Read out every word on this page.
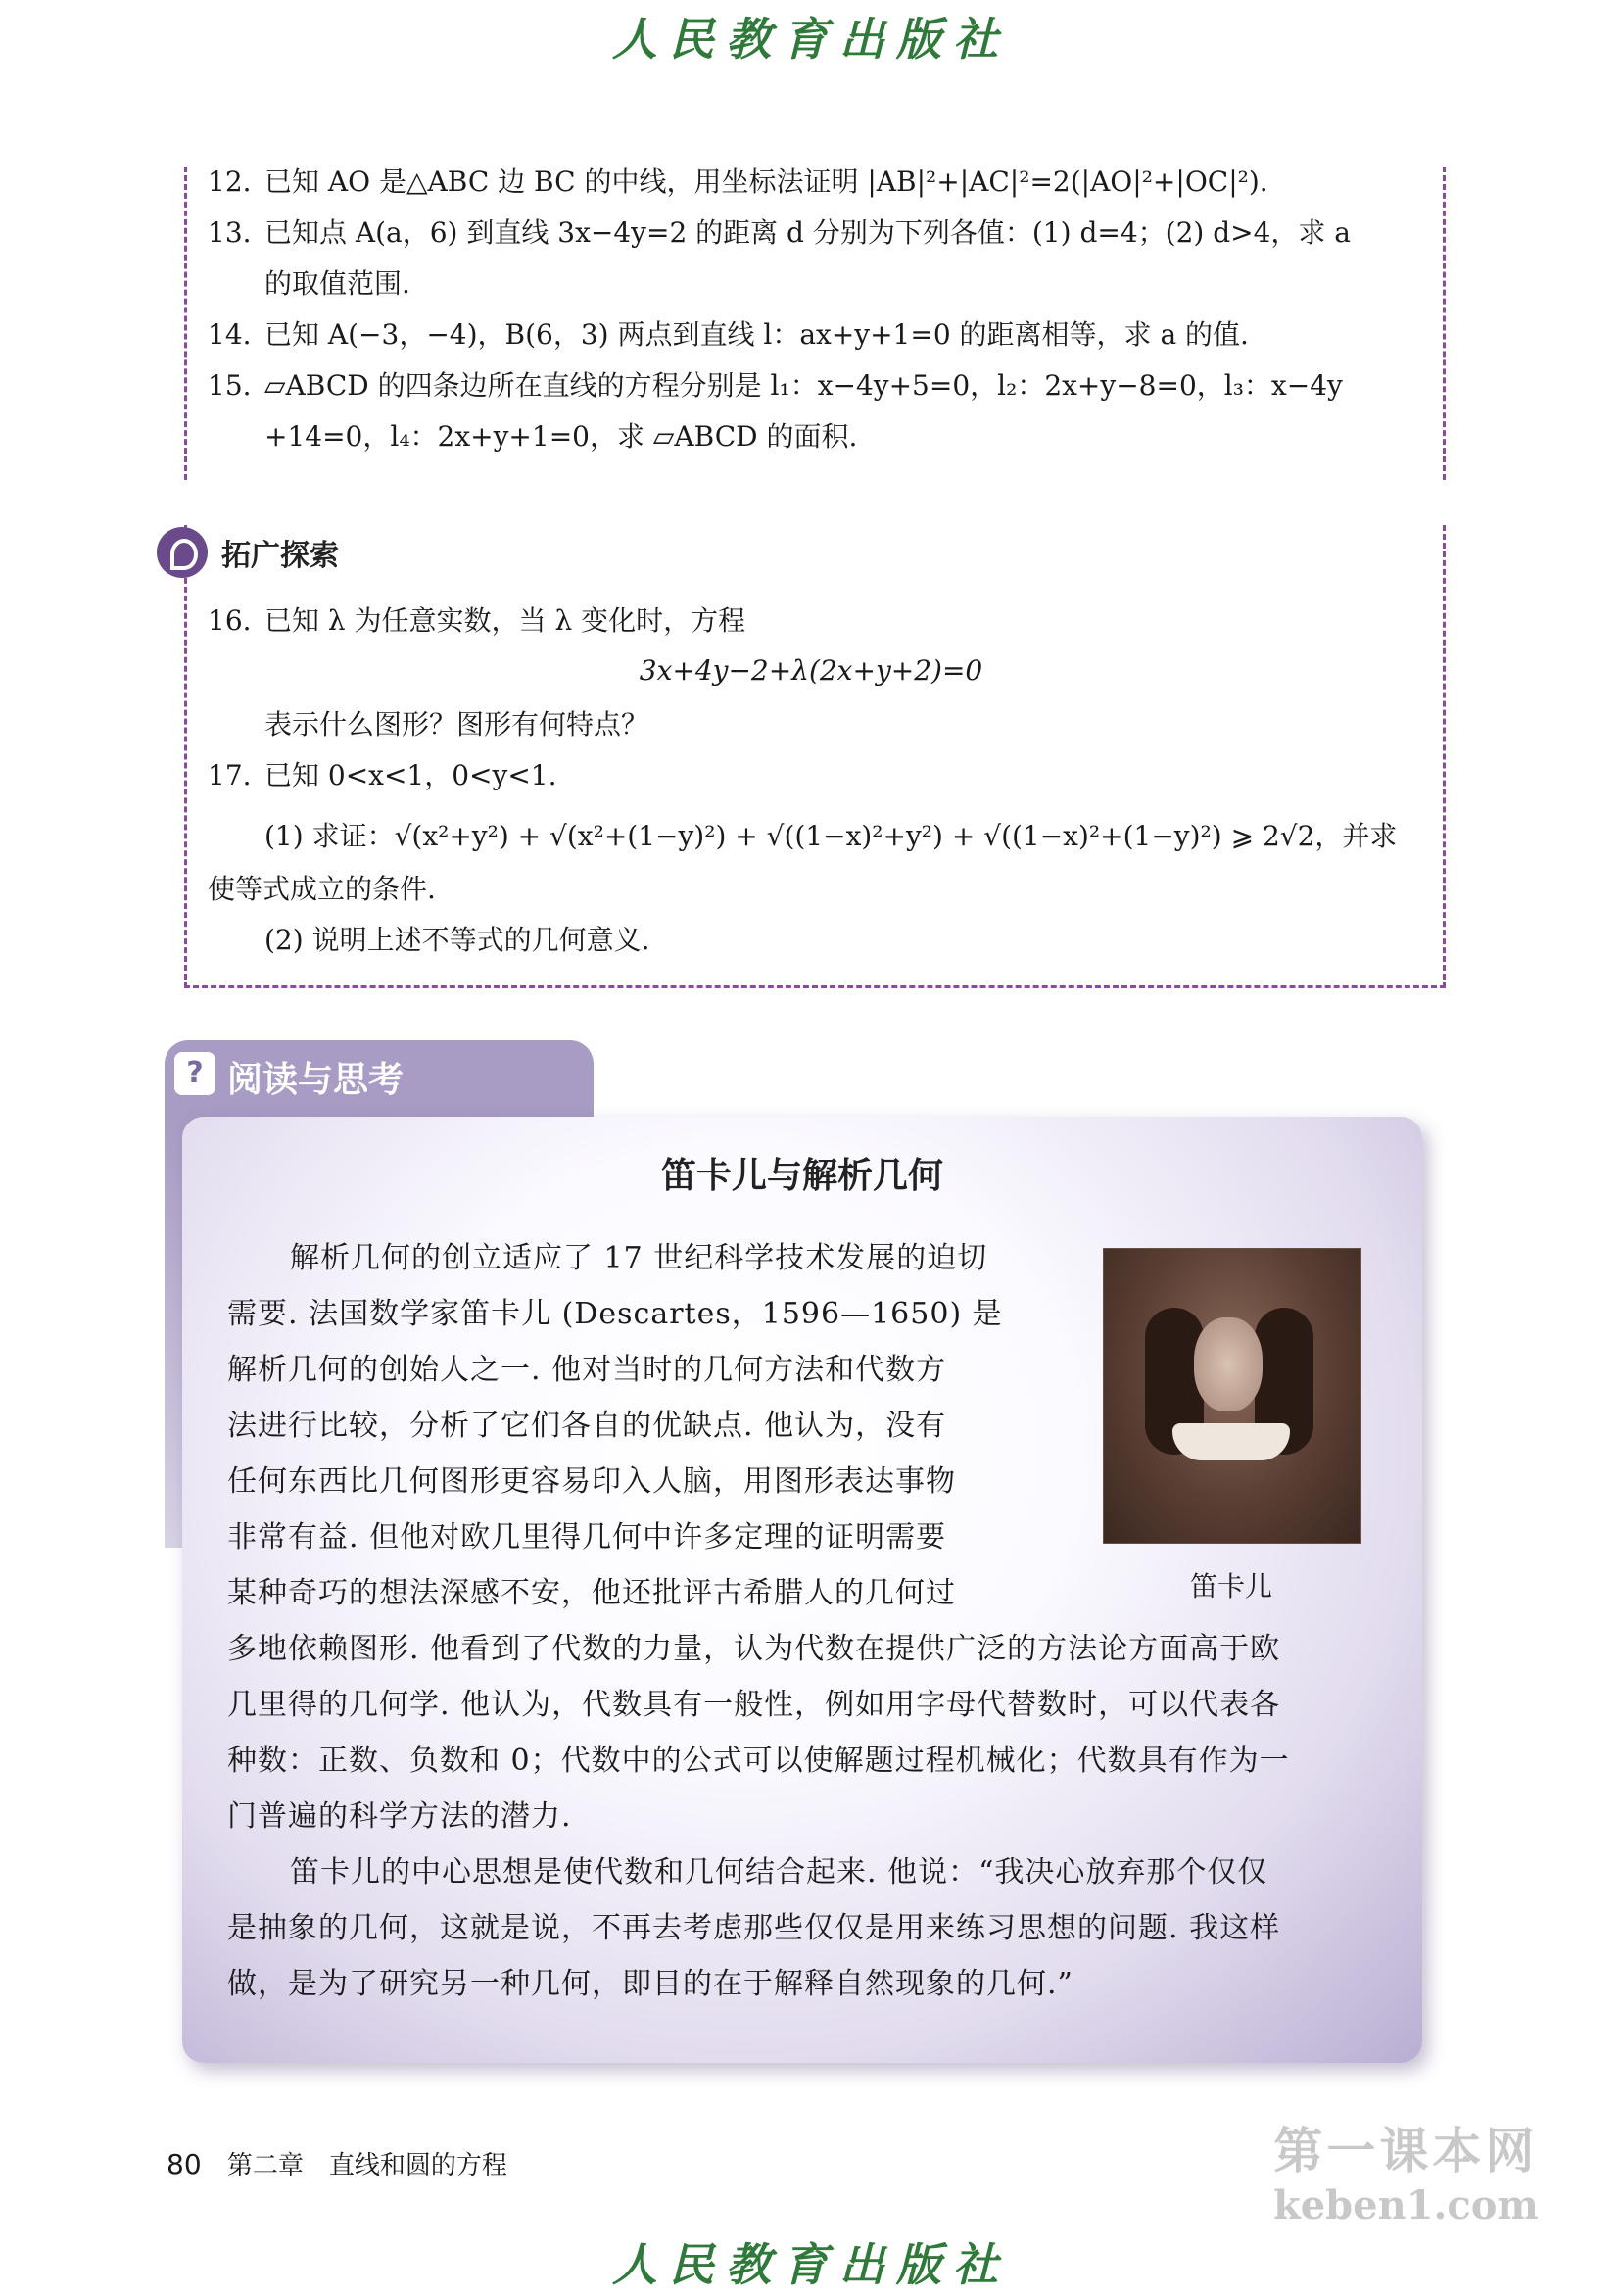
人民教育出版社
12. 已知 AO 是△ABC 边 BC 的中线，用坐标法证明 |AB|²+|AC|²=2(|AO|²+|OC|²).
13. 已知点 A(a，6) 到直线 3x−4y=2 的距离 d 分别为下列各值：(1) d=4；(2) d>4，求 a
的取值范围.
14. 已知 A(−3，−4)，B(6，3) 两点到直线 l：ax+y+1=0 的距离相等，求 a 的值.
15. ▱ABCD 的四条边所在直线的方程分别是 l₁：x−4y+5=0，l₂：2x+y−8=0，l₃：x−4y
+14=0，l₄：2x+y+1=0，求 ▱ABCD 的面积.
拓广探索
16. 已知 λ 为任意实数，当 λ 变化时，方程
3x+4y−2+λ(2x+y+2)=0
表示什么图形？图形有何特点？
17. 已知 0<x<1，0<y<1.
(1) 求证：√(x²+y²) + √(x²+(1−y)²) + √((1−x)²+y²) + √((1−x)²+(1−y)²) ⩾ 2√2，并求
使等式成立的条件.
(2) 说明上述不等式的几何意义.
? 阅读与思考
笛卡儿与解析几何
解析几何的创立适应了 17 世纪科学技术发展的迫切
需要. 法国数学家笛卡儿 (Descartes，1596—1650) 是
解析几何的创始人之一. 他对当时的几何方法和代数方
法进行比较，分析了它们各自的优缺点. 他认为，没有
任何东西比几何图形更容易印入人脑，用图形表达事物
非常有益. 但他对欧几里得几何中许多定理的证明需要
某种奇巧的想法深感不安，他还批评古希腊人的几何过	笛卡儿
多地依赖图形. 他看到了代数的力量，认为代数在提供广泛的方法论方面高于欧
几里得的几何学. 他认为，代数具有一般性，例如用字母代替数时，可以代表各
种数：正数、负数和 0；代数中的公式可以使解题过程机械化；代数具有作为一
门普遍的科学方法的潜力.
笛卡儿的中心思想是使代数和几何结合起来. 他说：“我决心放弃那个仅仅
是抽象的几何，这就是说，不再去考虑那些仅仅是用来练习思想的问题. 我这样
做，是为了研究另一种几何，即目的在于解释自然现象的几何.”
80 第二章　直线和圆的方程	第一课本网
keben1.com
人民教育出版社
